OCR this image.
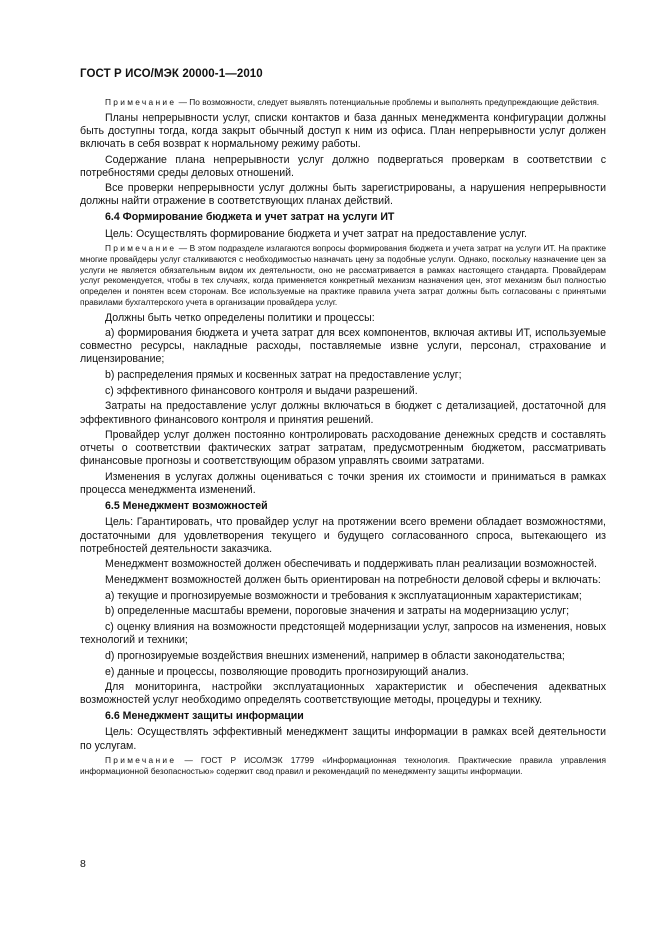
ГОСТ Р ИСО/МЭК 20000-1—2010

Примечание — По возможности, следует выявлять потенциальные проблемы и выполнять предупреждающие действия.

Планы непрерывности услуг, списки контактов и база данных менеджмента конфигурации должны быть доступны тогда, когда закрыт обычный доступ к ним из офиса. План непрерывности услуг должен включать в себя возврат к нормальному режиму работы.

Содержание плана непрерывности услуг должно подвергаться проверкам в соответствии с потребностями среды деловых отношений.

Все проверки непрерывности услуг должны быть зарегистрированы, а нарушения непрерывности должны найти отражение в соответствующих планах действий.

6.4 Формирование бюджета и учет затрат на услуги ИТ

Цель: Осуществлять формирование бюджета и учет затрат на предоставление услуг.

Примечание — В этом подразделе излагаются вопросы формирования бюджета и учета затрат на услуги ИТ. На практике многие провайдеры услуг сталкиваются с необходимостью назначать цену за подобные услуги. Однако, поскольку назначение цен за услуги не является обязательным видом их деятельности, оно не рассматривается в рамках настоящего стандарта. Провайдерам услуг рекомендуется, чтобы в тех случаях, когда применяется конкретный механизм назначения цен, этот механизм был полностью определен и понятен всем сторонам. Все используемые на практике правила учета затрат должны быть согласованы с принятыми правилами бухгалтерского учета в организации провайдера услуг.

Должны быть четко определены политики и процессы:

а) формирования бюджета и учета затрат для всех компонентов, включая активы ИТ, используемые совместно ресурсы, накладные расходы, поставляемые извне услуги, персонал, страхование и лицензирование;

b) распределения прямых и косвенных затрат на предоставление услуг;

с) эффективного финансового контроля и выдачи разрешений.

Затраты на предоставление услуг должны включаться в бюджет с детализацией, достаточной для эффективного финансового контроля и принятия решений.

Провайдер услуг должен постоянно контролировать расходование денежных средств и составлять отчеты о соответствии фактических затрат затратам, предусмотренным бюджетом, рассматривать финансовые прогнозы и соответствующим образом управлять своими затратами.

Изменения в услугах должны оцениваться с точки зрения их стоимости и приниматься в рамках процесса менеджмента изменений.

6.5 Менеджмент возможностей

Цель: Гарантировать, что провайдер услуг на протяжении всего времени обладает возможностями, достаточными для удовлетворения текущего и будущего согласованного спроса, вытекающего из потребностей деятельности заказчика.

Менеджмент возможностей должен обеспечивать и поддерживать план реализации возможностей.

Менеджмент возможностей должен быть ориентирован на потребности деловой сферы и включать:

а) текущие и прогнозируемые возможности и требования к эксплуатационным характеристикам;

b) определенные масштабы времени, пороговые значения и затраты на модернизацию услуг;

с) оценку влияния на возможности предстоящей модернизации услуг, запросов на изменения, новых технологий и техники;

d) прогнозируемые воздействия внешних изменений, например в области законодательства;

е) данные и процессы, позволяющие проводить прогнозирующий анализ.

Для мониторинга, настройки эксплуатационных характеристик и обеспечения адекватных возможностей услуг необходимо определять соответствующие методы, процедуры и технику.

6.6 Менеджмент защиты информации

Цель: Осуществлять эффективный менеджмент защиты информации в рамках всей деятельности по услугам.

Примечание — ГОСТ Р ИСО/МЭК 17799 «Информационная технология. Практические правила управления информационной безопасностью» содержит свод правил и рекомендаций по менеджменту защиты информации.

8
